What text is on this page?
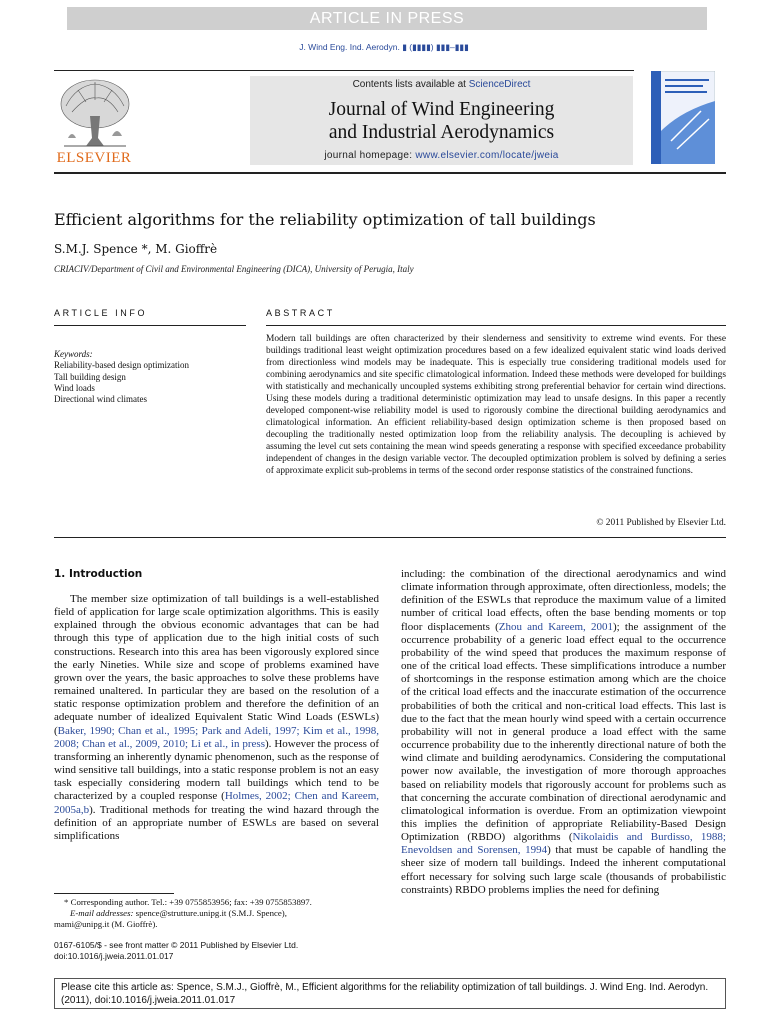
ARTICLE IN PRESS
J. Wind Eng. Ind. Aerodyn. ▮ (▮▮▮▮) ▮▮▮–▮▮▮
ELSEVIER
Contents lists available at ScienceDirect
Journal of Wind Engineering
and Industrial Aerodynamics
journal homepage: www.elsevier.com/locate/jweia
Efficient algorithms for the reliability optimization of tall buildings
S.M.J. Spence *, M. Gioffrè
CRIACIV/Department of Civil and Environmental Engineering (DICA), University of Perugia, Italy
ARTICLE INFO	ABSTRACT
Keywords:
Reliability-based design optimization
Tall building design
Wind loads
Directional wind climates
Modern tall buildings are often characterized by their slenderness and sensitivity to extreme wind events. For these buildings traditional least weight optimization procedures based on a few idealized equivalent static wind loads derived from directionless wind models may be inadequate. This is especially true considering traditional models used for combining aerodynamics and site specific climatological information. Indeed these methods were developed for buildings with statistically and mechanically uncoupled systems exhibiting strong preferential behavior for certain wind directions. Using these models during a traditional deterministic optimization may lead to unsafe designs. In this paper a recently developed component-wise reliability model is used to rigorously combine the directional building aerodynamics and climatological information. An efficient reliability-based design optimization scheme is then proposed based on decoupling the traditionally nested optimization loop from the reliability analysis. The decoupling is achieved by assuming the level cut sets containing the mean wind speeds generating a response with specified exceedance probability independent of changes in the design variable vector. The decoupled optimization problem is solved by defining a series of approximate explicit sub-problems in terms of the second order response statistics of the constrained functions.
© 2011 Published by Elsevier Ltd.
1. Introduction
The member size optimization of tall buildings is a well-established field of application for large scale optimization algorithms. This is easily explained through the obvious economic advantages that can be had through this type of application due to the high initial costs of such constructions. Research into this area has been vigorously explored since the early Nineties. While size and scope of problems examined have grown over the years, the basic approaches to solve these problems have remained unaltered. In particular they are based on the resolution of a static response optimization problem and therefore the definition of an adequate number of idealized Equivalent Static Wind Loads (ESWLs) (Baker, 1990; Chan et al., 1995; Park and Adeli, 1997; Kim et al., 1998, 2008; Chan et al., 2009, 2010; Li et al., in press). However the process of transforming an inherently dynamic phenomenon, such as the response of wind sensitive tall buildings, into a static response problem is not an easy task especially considering modern tall buildings which tend to be characterized by a coupled response (Holmes, 2002; Chen and Kareem, 2005a,b). Traditional methods for treating the wind hazard through the definition of an appropriate number of ESWLs are based on several simplifications
including: the combination of the directional aerodynamics and wind climate information through approximate, often directionless, models; the definition of the ESWLs that reproduce the maximum value of a limited number of critical load effects, often the base bending moments or top floor displacements (Zhou and Kareem, 2001); the assignment of the occurrence probability of a generic load effect equal to the occurrence probability of the wind speed that produces the maximum response of one of the critical load effects. These simplifications introduce a number of shortcomings in the response estimation among which are the choice of the critical load effects and the inaccurate estimation of the occurrence probabilities of both the critical and non-critical load effects. This last is due to the fact that the mean hourly wind speed with a certain occurrence probability will not in general produce a load effect with the same occurrence probability due to the inherently directional nature of both the wind climate and building aerodynamics. Considering the computational power now available, the investigation of more thorough approaches based on reliability models that rigorously account for problems such as that concerning the accurate combination of directional aerodynamic and climatological information is overdue. From an optimization viewpoint this implies the definition of appropriate Reliability-Based Design Optimization (RBDO) algorithms (Nikolaidis and Burdisso, 1988; Enevoldsen and Sorensen, 1994) that must be capable of handling the sheer size of modern tall buildings. Indeed the inherent computational effort necessary for solving such large scale (thousands of probabilistic constraints) RBDO problems implies the need for defining
* Corresponding author. Tel.: +39 0755853956; fax: +39 0755853897.
E-mail addresses: spence@strutture.unipg.it (S.M.J. Spence),
mami@unipg.it (M. Gioffrè).
0167-6105/$ - see front matter © 2011 Published by Elsevier Ltd.
doi:10.1016/j.jweia.2011.01.017
Please cite this article as: Spence, S.M.J., Gioffrè, M., Efficient algorithms for the reliability optimization of tall buildings. J. Wind Eng. Ind. Aerodyn. (2011), doi:10.1016/j.jweia.2011.01.017
